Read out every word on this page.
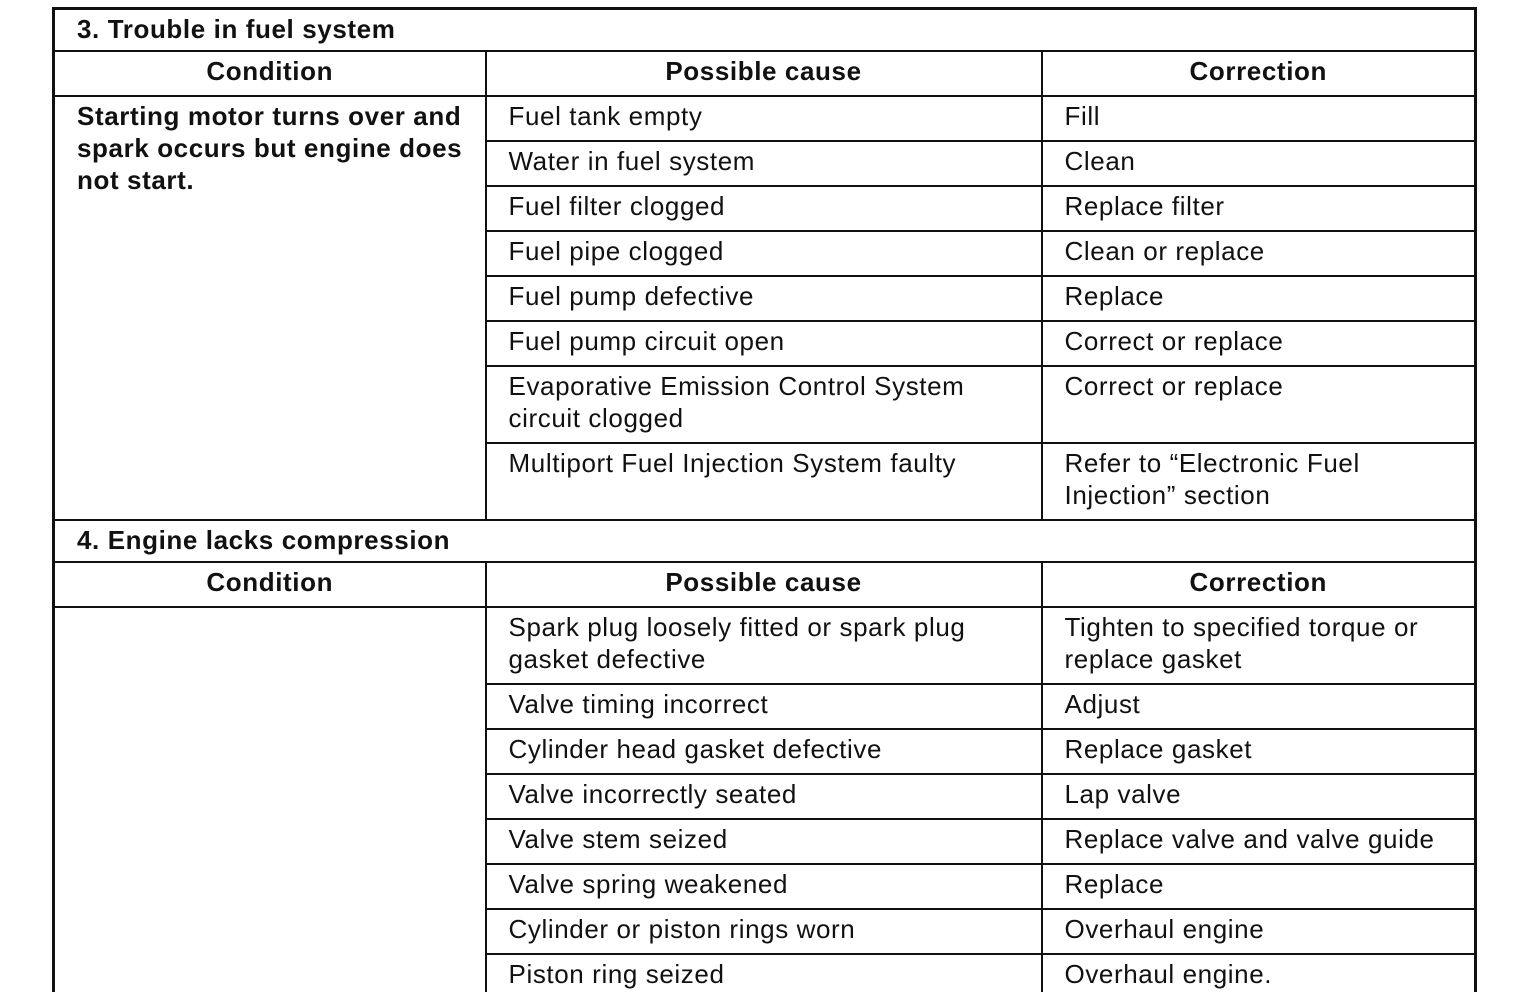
3. Trouble in fuel system		
Condition	Possible cause	Correction
Starting motor turns over and spark occurs but engine does not start.	Fuel tank empty	Fill
	Water in fuel system	Clean
	Fuel filter clogged	Replace filter
	Fuel pipe clogged	Clean or replace
	Fuel pump defective	Replace
	Fuel pump circuit open	Correct or replace
	Evaporative Emission Control System circuit clogged	Correct or replace
	Multiport Fuel Injection System faulty	Refer to “Electronic Fuel Injection” section
4. Engine lacks compression		
Condition	Possible cause	Correction
	Spark plug loosely fitted or spark plug gasket defective	Tighten to specified torque or replace gasket
	Valve timing incorrect	Adjust
	Cylinder head gasket defective	Replace gasket
	Valve incorrectly seated	Lap valve
	Valve stem seized	Replace valve and valve guide
	Valve spring weakened	Replace
	Cylinder or piston rings worn	Overhaul engine
	Piston ring seized	Overhaul engine.
